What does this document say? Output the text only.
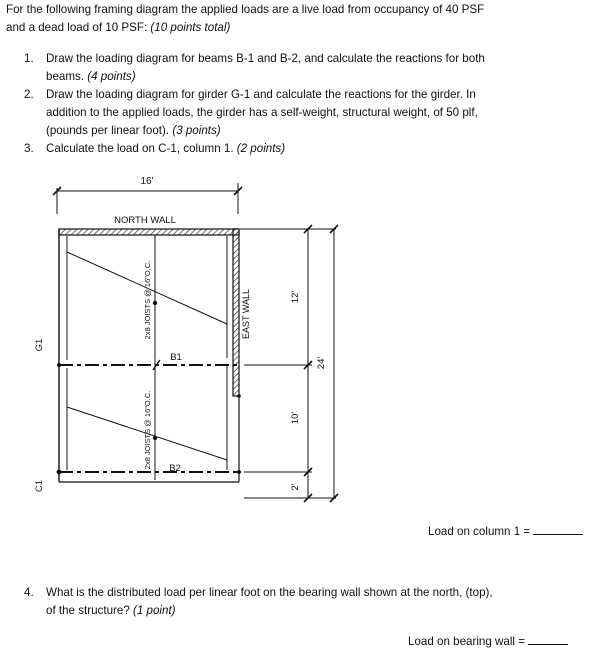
For the following framing diagram the applied loads are a live load from occupancy of 40 PSF
and a dead load of 10 PSF: (10 points total)
1. Draw the loading diagram for beams B-1 and B-2, and calculate the reactions for both
beams. (4 points)
2. Draw the loading diagram for girder G-1 and calculate the reactions for the girder. In
addition to the applied loads, the girder has a self-weight, structural weight, of 50 plf,
(pounds per linear foot). (3 points)
3. Calculate the load on C-1, column 1. (2 points)
16'
NORTH WALL
2x8 JOISTS @ 16"O.C.
2x8 JOISTS @ 16"O.C.
B1
B2
G1
C1
EAST WALL	12'
10'
2'
24'
Load on column 1 =
4. What is the distributed load per linear foot on the bearing wall shown at the north, (top),
of the structure? (1 point)
Load on bearing wall =
